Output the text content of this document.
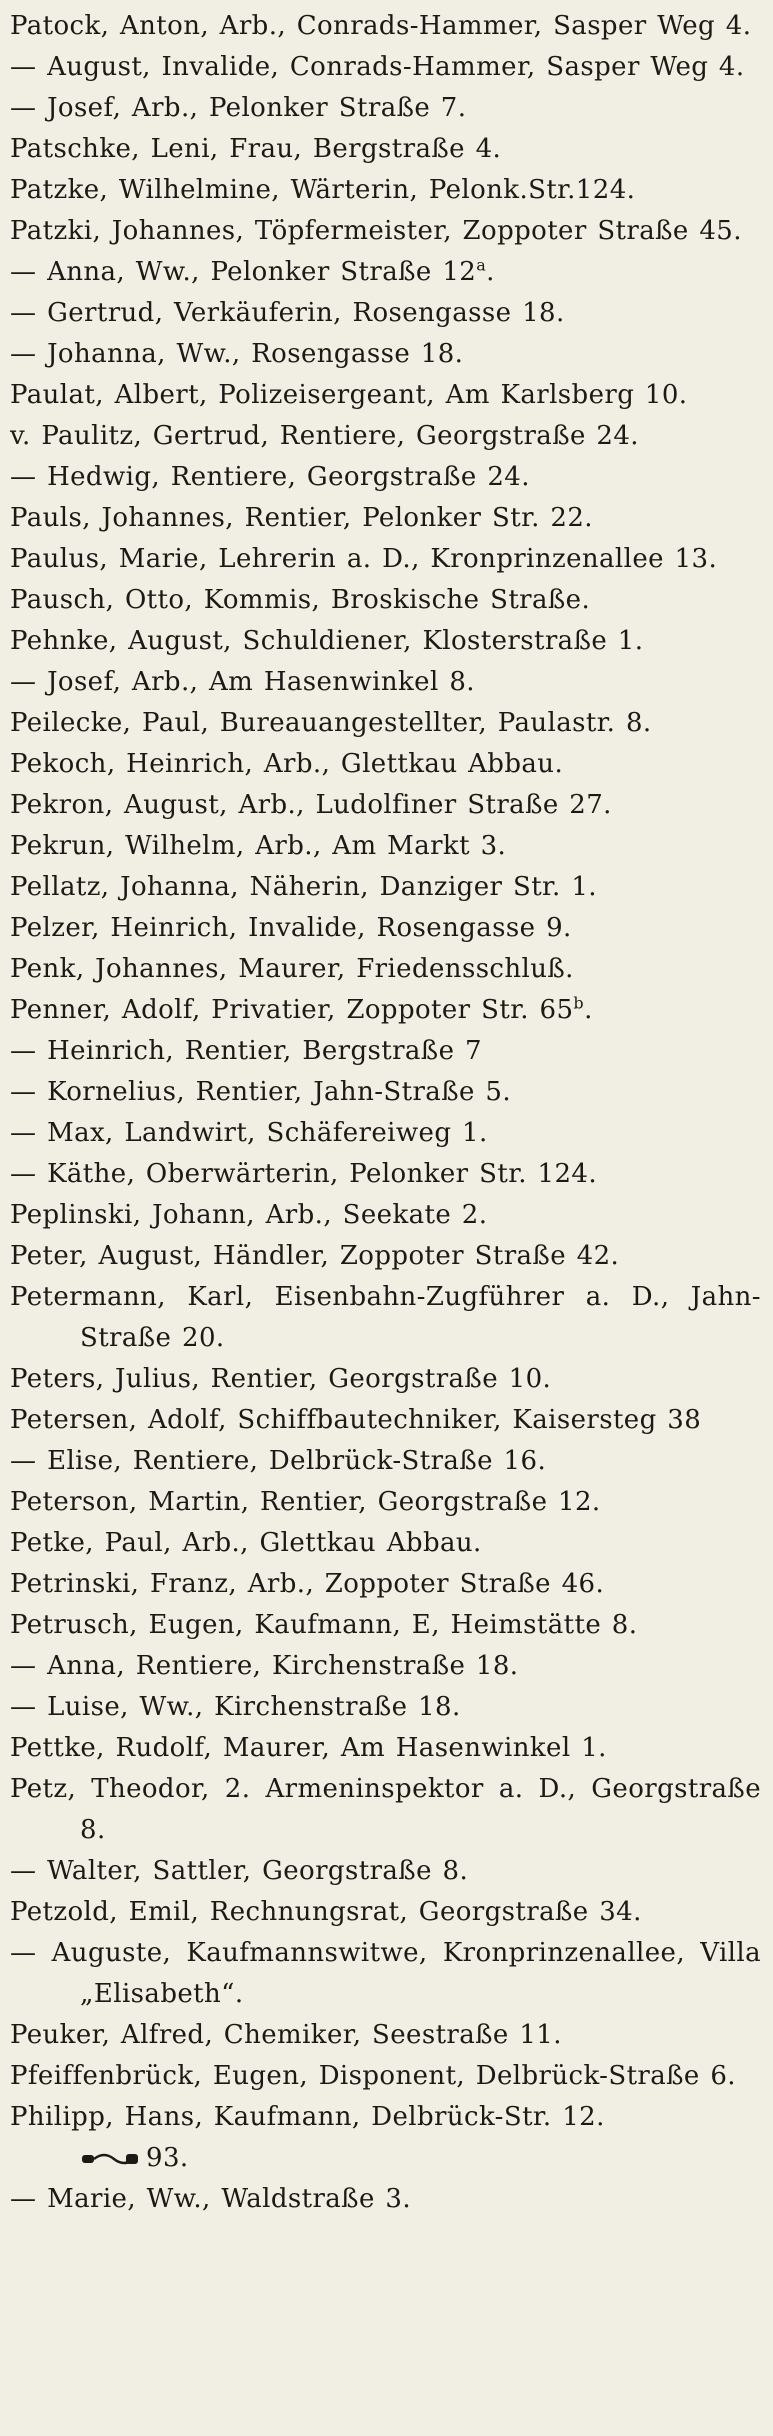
Patock, Anton, Arb., Conrads-Hammer, Sasper Weg 4.
— August, Invalide, Conrads-Hammer, Sasper Weg 4.
— Josef, Arb., Pelonker Straße 7.
Patschke, Leni, Frau, Bergstraße 4.
Patzke, Wilhelmine, Wärterin, Pelonk.Str.124.
Patzki, Johannes, Töpfermeister, Zoppoter Straße 45.
— Anna, Ww., Pelonker Straße 12$^a$.
— Gertrud, Verkäuferin, Rosengasse 18.
— Johanna, Ww., Rosengasse 18.
Paulat, Albert, Polizeisergeant, Am Karlsberg 10.
v. Paulitz, Gertrud, Rentiere, Georgstraße 24.
— Hedwig, Rentiere, Georgstraße 24.
Pauls, Johannes, Rentier, Pelonker Str. 22.
Paulus, Marie, Lehrerin a. D., Kronprinzenallee 13.
Pausch, Otto, Kommis, Broskische Straße.
Pehnke, August, Schuldiener, Klosterstraße 1.
— Josef, Arb., Am Hasenwinkel 8.
Peilecke, Paul, Bureauangestellter, Paulastr. 8.
Pekoch, Heinrich, Arb., Glettkau Abbau.
Pekron, August, Arb., Ludolfiner Straße 27.
Pekrun, Wilhelm, Arb., Am Markt 3.
Pellatz, Johanna, Näherin, Danziger Str. 1.
Pelzer, Heinrich, Invalide, Rosengasse 9.
Penk, Johannes, Maurer, Friedensschluß.
Penner, Adolf, Privatier, Zoppoter Str. 65$^b$.
— Heinrich, Rentier, Bergstraße 7
— Kornelius, Rentier, Jahn-Straße 5.
— Max, Landwirt, Schäfereiweg 1.
— Käthe, Oberwärterin, Pelonker Str. 124.
Peplinski, Johann, Arb., Seekate 2.
Peter, August, Händler, Zoppoter Straße 42.
Petermann, Karl, Eisenbahn-Zugführer a. D., Jahn-Straße 20.
Peters, Julius, Rentier, Georgstraße 10.
Petersen, Adolf, Schiffbautechniker, Kaisersteg 38
— Elise, Rentiere, Delbrück-Straße 16.
Peterson, Martin, Rentier, Georgstraße 12.
Petke, Paul, Arb., Glettkau Abbau.
Petrinski, Franz, Arb., Zoppoter Straße 46.
Petrusch, Eugen, Kaufmann, E, Heimstätte 8.
— Anna, Rentiere, Kirchenstraße 18.
— Luise, Ww., Kirchenstraße 18.
Pettke, Rudolf, Maurer, Am Hasenwinkel 1.
Petz, Theodor, 2. Armeninspektor a. D., Georgstraße 8.
— Walter, Sattler, Georgstraße 8.
Petzold, Emil, Rechnungsrat, Georgstraße 34.
— Auguste, Kaufmannswitwe, Kronprinzenallee, Villa „Elisabeth“.
Peuker, Alfred, Chemiker, Seestraße 11.
Pfeiffenbrück, Eugen, Disponent, Delbrück-Straße 6.
Philipp, Hans, Kaufmann, Delbrück-Str. 12.
93.
— Marie, Ww., Waldstraße 3.
